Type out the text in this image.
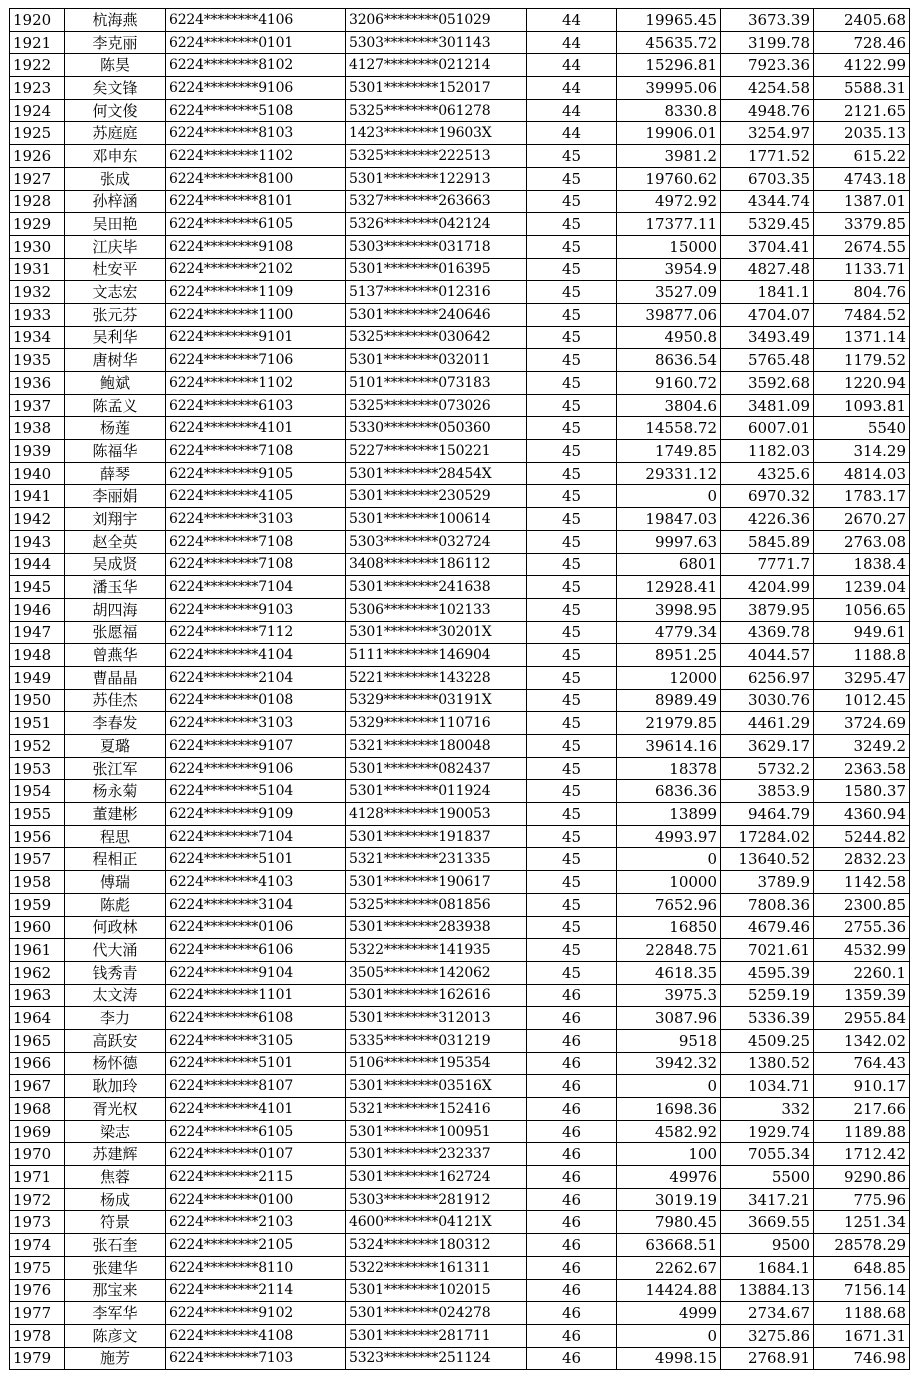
1920	杭海燕	6224********4106	3206********051029	44	19965.45	3673.39	2405.68
1921	李克丽	6224********0101	5303********301143	44	45635.72	3199.78	728.46
1922	陈昊	6224********8102	4127********021214	44	15296.81	7923.36	4122.99
1923	矣文锋	6224********9106	5301********152017	44	39995.06	4254.58	5588.31
1924	何文俊	6224********5108	5325********061278	44	8330.8	4948.76	2121.65
1925	苏庭庭	6224********8103	1423********19603X	44	19906.01	3254.97	2035.13
1926	邓申东	6224********1102	5325********222513	45	3981.2	1771.52	615.22
1927	张成	6224********8100	5301********122913	45	19760.62	6703.35	4743.18
1928	孙梓涵	6224********8101	5327********263663	45	4972.92	4344.74	1387.01
1929	吴田艳	6224********6105	5326********042124	45	17377.11	5329.45	3379.85
1930	江庆毕	6224********9108	5303********031718	45	15000	3704.41	2674.55
1931	杜安平	6224********2102	5301********016395	45	3954.9	4827.48	1133.71
1932	文志宏	6224********1109	5137********012316	45	3527.09	1841.1	804.76
1933	张元芬	6224********1100	5301********240646	45	39877.06	4704.07	7484.52
1934	吴利华	6224********9101	5325********030642	45	4950.8	3493.49	1371.14
1935	唐树华	6224********7106	5301********032011	45	8636.54	5765.48	1179.52
1936	鲍斌	6224********1102	5101********073183	45	9160.72	3592.68	1220.94
1937	陈孟义	6224********6103	5325********073026	45	3804.6	3481.09	1093.81
1938	杨莲	6224********4101	5330********050360	45	14558.72	6007.01	5540
1939	陈福华	6224********7108	5227********150221	45	1749.85	1182.03	314.29
1940	薛琴	6224********9105	5301********28454X	45	29331.12	4325.6	4814.03
1941	李丽娟	6224********4105	5301********230529	45	0	6970.32	1783.17
1942	刘翔宇	6224********3103	5301********100614	45	19847.03	4226.36	2670.27
1943	赵全英	6224********7108	5303********032724	45	9997.63	5845.89	2763.08
1944	吴成贤	6224********7108	3408********186112	45	6801	7771.7	1838.4
1945	潘玉华	6224********7104	5301********241638	45	12928.41	4204.99	1239.04
1946	胡四海	6224********9103	5306********102133	45	3998.95	3879.95	1056.65
1947	张愿福	6224********7112	5301********30201X	45	4779.34	4369.78	949.61
1948	曾燕华	6224********4104	5111********146904	45	8951.25	4044.57	1188.8
1949	曹晶晶	6224********2104	5221********143228	45	12000	6256.97	3295.47
1950	苏佳杰	6224********0108	5329********03191X	45	8989.49	3030.76	1012.45
1951	李春发	6224********3103	5329********110716	45	21979.85	4461.29	3724.69
1952	夏璐	6224********9107	5321********180048	45	39614.16	3629.17	3249.2
1953	张江军	6224********9106	5301********082437	45	18378	5732.2	2363.58
1954	杨永菊	6224********5104	5301********011924	45	6836.36	3853.9	1580.37
1955	董建彬	6224********9109	4128********190053	45	13899	9464.79	4360.94
1956	程思	6224********7104	5301********191837	45	4993.97	17284.02	5244.82
1957	程相正	6224********5101	5321********231335	45	0	13640.52	2832.23
1958	傅瑞	6224********4103	5301********190617	45	10000	3789.9	1142.58
1959	陈彪	6224********3104	5325********081856	45	7652.96	7808.36	2300.85
1960	何政林	6224********0106	5301********283938	45	16850	4679.46	2755.36
1961	代大涌	6224********6106	5322********141935	45	22848.75	7021.61	4532.99
1962	钱秀青	6224********9104	3505********142062	45	4618.35	4595.39	2260.1
1963	太文涛	6224********1101	5301********162616	46	3975.3	5259.19	1359.39
1964	李力	6224********6108	5301********312013	46	3087.96	5336.39	2955.84
1965	高跃安	6224********3105	5335********031219	46	9518	4509.25	1342.02
1966	杨怀德	6224********5101	5106********195354	46	3942.32	1380.52	764.43
1967	耿加玲	6224********8107	5301********03516X	46	0	1034.71	910.17
1968	胥光权	6224********4101	5321********152416	46	1698.36	332	217.66
1969	梁志	6224********6105	5301********100951	46	4582.92	1929.74	1189.88
1970	苏建辉	6224********0107	5301********232337	46	100	7055.34	1712.42
1971	焦蓉	6224********2115	5301********162724	46	49976	5500	9290.86
1972	杨成	6224********0100	5303********281912	46	3019.19	3417.21	775.96
1973	符景	6224********2103	4600********04121X	46	7980.45	3669.55	1251.34
1974	张石奎	6224********2105	5324********180312	46	63668.51	9500	28578.29
1975	张建华	6224********8110	5322********161311	46	2262.67	1684.1	648.85
1976	那宝来	6224********2114	5301********102015	46	14424.88	13884.13	7156.14
1977	李军华	6224********9102	5301********024278	46	4999	2734.67	1188.68
1978	陈彦文	6224********4108	5301********281711	46	0	3275.86	1671.31
1979	施芳	6224********7103	5323********251124	46	4998.15	2768.91	746.98
